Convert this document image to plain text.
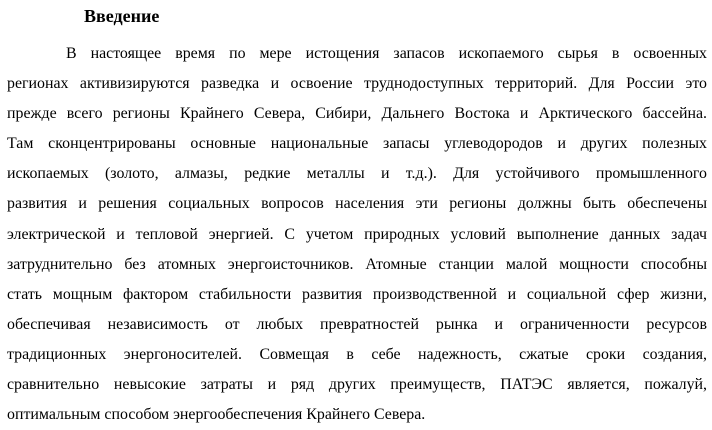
Введение

В настоящее время по мере истощения запасов ископаемого сырья в освоенных
регионах активизируются разведка и освоение труднодоступных территорий. Для России это
прежде всего регионы Крайнего Севера, Сибири, Дальнего Востока и Арктического бассейна.
Там сконцентрированы основные национальные запасы углеводородов и других полезных
ископаемых (золото, алмазы, редкие металлы и т.д.). Для устойчивого промышленного
развития и решения социальных вопросов населения эти регионы должны быть обеспечены
электрической и тепловой энергией. С учетом природных условий выполнение данных задач
затруднительно без атомных энергоисточников. Атомные станции малой мощности способны
стать мощным фактором стабильности развития производственной и социальной сфер жизни,
обеспечивая независимость от любых превратностей рынка и ограниченности ресурсов
традиционных энергоносителей. Совмещая в себе надежность, сжатые сроки создания,
сравнительно невысокие затраты и ряд других преимуществ, ПАТЭС является, пожалуй,
оптимальным способом энергообеспечения Крайнего Севера.
